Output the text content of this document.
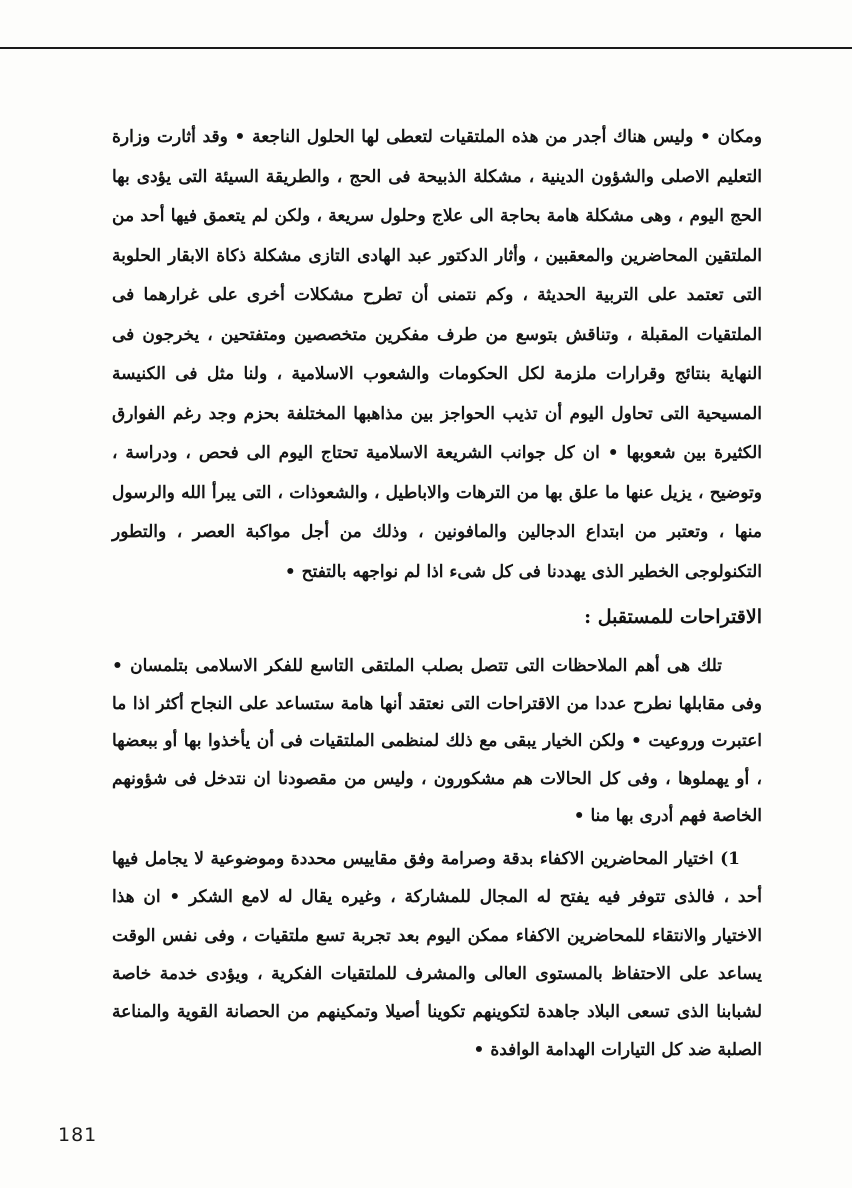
ومكان • وليس هناك أجدر من هذه الملتقيات لتعطى لها الحلول الناجعة • وقد أثارت وزارة التعليم الاصلى والشؤون الدينية ، مشكلة الذبيحة فى الحج ، والطريقة السيئة التى يؤدى بها الحج اليوم ، وهى مشكلة هامة بحاجة الى علاج وحلول سريعة ، ولكن لم يتعمق فيها أحد من الملتقين المحاضرين والمعقبين ، وأثار الدكتور عبد الهادى التازى مشكلة ذكاة الابقار الحلوبة التى تعتمد على التربية الحديثة ، وكم نتمنى أن تطرح مشكلات أخرى على غرارهما فى الملتقيات المقبلة ، وتناقش بتوسع من طرف مفكرين متخصصين ومتفتحين ، يخرجون فى النهاية بنتائج وقرارات ملزمة لكل الحكومات والشعوب الاسلامية ، ولنا مثل فى الكنيسة المسيحية التى تحاول اليوم أن تذيب الحواجز بين مذاهبها المختلفة بحزم وجد رغم الفوارق الكثيرة بين شعوبها • ان كل جوانب الشريعة الاسلامية تحتاج اليوم الى فحص ، ودراسة ، وتوضيح ، يزيل عنها ما علق بها من الترهات والاباطيل ، والشعوذات ، التى يبرأ الله والرسول منها ، وتعتبر من ابتداع الدجالين والمافونين ، وذلك من أجل مواكبة العصر ، والتطور التكنولوجى الخطير الذى يهددنا فى كل شىء اذا لم نواجهه بالتفتح •

الاقتراحات للمستقبل :

تلك هى أهم الملاحظات التى تتصل بصلب الملتقى التاسع للفكر الاسلامى بتلمسان • وفى مقابلها نطرح عددا من الاقتراحات التى نعتقد أنها هامة ستساعد على النجاح أكثر اذا ما اعتبرت وروعيت • ولكن الخيار يبقى مع ذلك لمنظمى الملتقيات فى أن يأخذوا بها أو ببعضها ، أو يهملوها ، وفى كل الحالات هم مشكورون ، وليس من مقصودنا ان نتدخل فى شؤونهم الخاصة فهم أدرى بها منا •

1) اختيار المحاضرين الاكفاء بدقة وصرامة وفق مقاييس محددة وموضوعية لا يجامل فيها أحد ، فالذى تتوفر فيه يفتح له المجال للمشاركة ، وغيره يقال له لامع الشكر • ان هذا الاختيار والانتقاء للمحاضرين الاكفاء ممكن اليوم بعد تجربة تسع ملتقيات ، وفى نفس الوقت يساعد على الاحتفاظ بالمستوى العالى والمشرف للملتقيات الفكرية ، ويؤدى خدمة خاصة لشبابنا الذى تسعى البلاد جاهدة لتكوينهم تكوينا أصيلا وتمكينهم من الحصانة القوية والمناعة الصلبة ضد كل التيارات الهدامة الوافدة •

181
